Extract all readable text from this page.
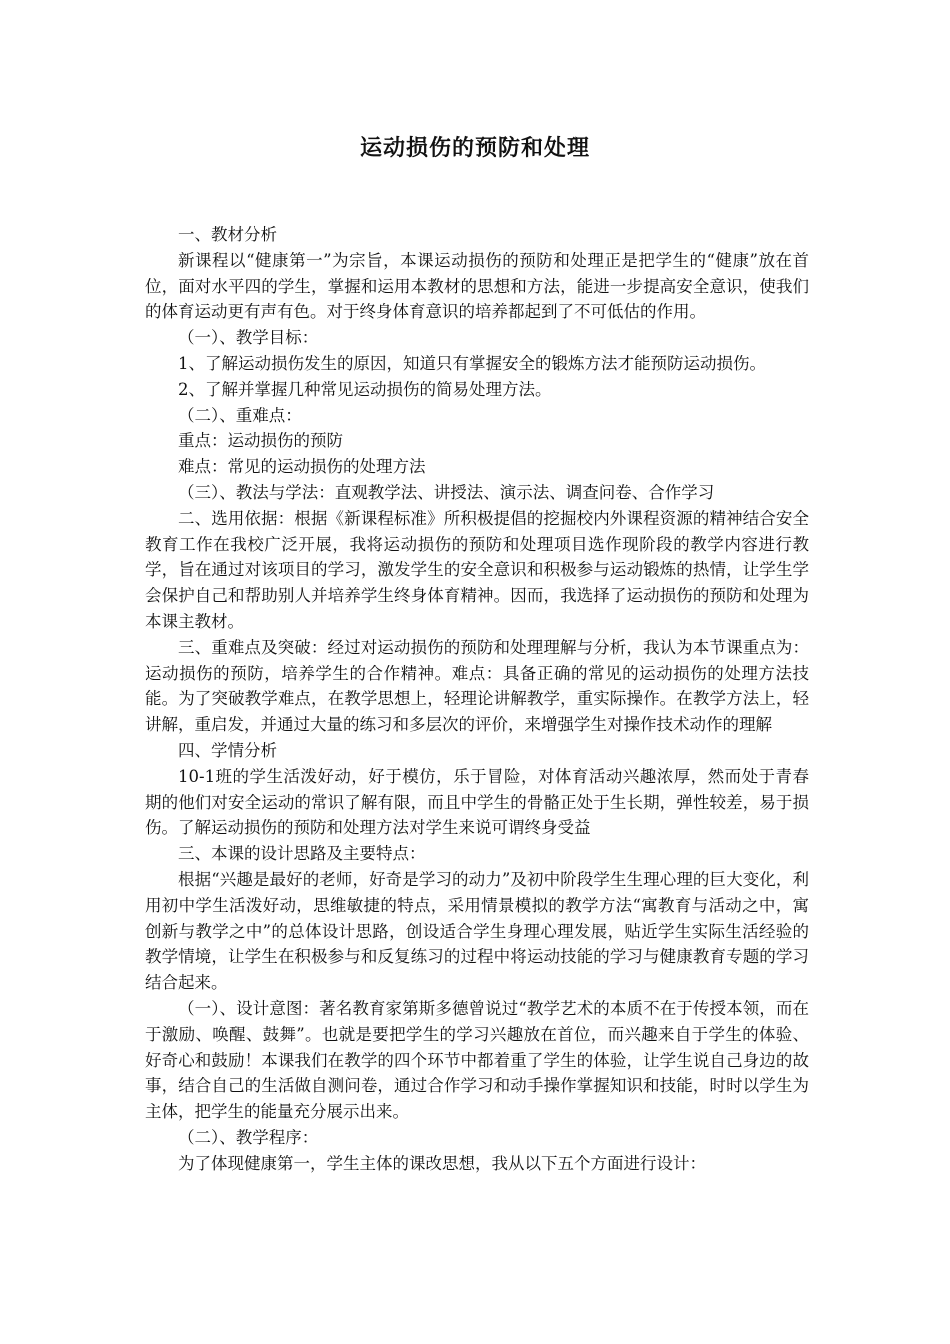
运动损伤的预防和处理

一、教材分析

新课程以“健康第一”为宗旨，本课运动损伤的预防和处理正是把学生的“健康”放在首位，面对水平四的学生，掌握和运用本教材的思想和方法，能进一步提高安全意识，使我们的体育运动更有声有色。对于终身体育意识的培养都起到了不可低估的作用。

（一）、教学目标：

1、了解运动损伤发生的原因，知道只有掌握安全的锻炼方法才能预防运动损伤。

2、了解并掌握几种常见运动损伤的简易处理方法。

（二）、重难点：

重点：运动损伤的预防

难点：常见的运动损伤的处理方法

（三）、教法与学法：直观教学法、讲授法、演示法、调查问卷、合作学习

二、选用依据：根据《新课程标准》所积极提倡的挖掘校内外课程资源的精神结合安全教育工作在我校广泛开展，我将运动损伤的预防和处理项目选作现阶段的教学内容进行教学，旨在通过对该项目的学习，激发学生的安全意识和积极参与运动锻炼的热情，让学生学会保护自己和帮助别人并培养学生终身体育精神。因而，我选择了运动损伤的预防和处理为本课主教材。

三、重难点及突破：经过对运动损伤的预防和处理理解与分析，我认为本节课重点为：运动损伤的预防，培养学生的合作精神。难点：具备正确的常见的运动损伤的处理方法技能。为了突破教学难点，在教学思想上，轻理论讲解教学，重实际操作。在教学方法上，轻讲解，重启发，并通过大量的练习和多层次的评价，来增强学生对操作技术动作的理解

四、学情分析

10-1班的学生活泼好动，好于模仿，乐于冒险，对体育活动兴趣浓厚，然而处于青春期的他们对安全运动的常识了解有限，而且中学生的骨骼正处于生长期，弹性较差，易于损伤。了解运动损伤的预防和处理方法对学生来说可谓终身受益

三、本课的设计思路及主要特点：

根据“兴趣是最好的老师，好奇是学习的动力”及初中阶段学生生理心理的巨大变化，利用初中学生活泼好动，思维敏捷的特点，采用情景模拟的教学方法“寓教育与活动之中，寓创新与教学之中”的总体设计思路，创设适合学生身理心理发展，贴近学生实际生活经验的教学情境，让学生在积极参与和反复练习的过程中将运动技能的学习与健康教育专题的学习结合起来。

（一）、设计意图：著名教育家第斯多德曾说过“教学艺术的本质不在于传授本领，而在于激励、唤醒、鼓舞”。也就是要把学生的学习兴趣放在首位，而兴趣来自于学生的体验、好奇心和鼓励！本课我们在教学的四个环节中都着重了学生的体验，让学生说自己身边的故事，结合自己的生活做自测问卷，通过合作学习和动手操作掌握知识和技能，时时以学生为主体，把学生的能量充分展示出来。

（二）、教学程序：

为了体现健康第一，学生主体的课改思想，我从以下五个方面进行设计：
